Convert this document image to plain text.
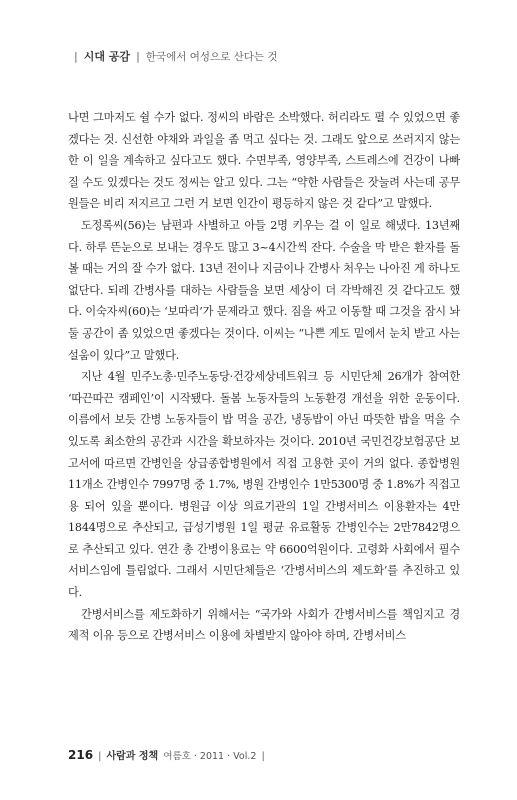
| 시대 공감 | 한국에서 여성으로 산다는 것

나면 그마저도 쉴 수가 없다. 정씨의 바람은 소박했다. 허리라도 펼 수 있었으면 좋겠다는 것. 신선한 야채와 과일을 좀 먹고 싶다는 것. 그래도 앞으로 쓰러지지 않는 한 이 일을 계속하고 싶다고도 했다. 수면부족, 영양부족, 스트레스에 건강이 나빠질 수도 있겠다는 것도 정씨는 알고 있다. 그는 “약한 사람들은 잣눌려 사는데 공무원들은 비리 저지르고 그런 거 보면 인간이 평등하지 않은 것 같다”고 말했다.

도정록씨(56)는 남편과 사별하고 아들 2명 키우는 걸 이 일로 해냈다. 13년째다. 하루 뜬눈으로 보내는 경우도 많고 3~4시간씩 잔다. 수술을 막 받은 환자를 돌볼 때는 거의 잘 수가 없다. 13년 전이나 지금이나 간병사 처우는 나아진 게 하나도 없단다. 되레 간병사를 대하는 사람들을 보면 세상이 더 각박해진 것 같다고도 했다. 이숙자씨(60)는 ‘보따리’가 문제라고 했다. 짐을 싸고 이동할 때 그것을 잠시 놔둘 공간이 좀 있었으면 좋겠다는 것이다. 이씨는 “나쁜 게도 밑에서 눈치 받고 사는 설움이 있다”고 말했다.

지난 4월 민주노총·민주노동당·건강세상네트워크 등 시민단체 26개가 참여한 ‘따끈따끈 캠페인’이 시작됐다. 돌봄 노동자들의 노동환경 개선을 위한 운동이다. 이름에서 보듯 간병 노동자들이 밥 먹을 공간, 냉동밥이 아닌 따뜻한 밥을 먹을 수 있도록 최소한의 공간과 시간을 확보하자는 것이다. 2010년 국민건강보험공단 보고서에 따르면 간병인을 상급종합병원에서 직접 고용한 곳이 거의 없다. 종합병원 11개소 간병인수 7997명 중 1.7%, 병원 간병인수 1만5300명 중 1.8%가 직접고용 되어 있을 뿐이다. 병원급 이상 의료기관의 1일 간병서비스 이용환자는 4만1844명으로 추산되고, 급성기병원 1일 평균 유료활동 간병인수는 2만7842명으로 추산되고 있다. 연간 총 간병이용료는 약 6600억원이다. 고령화 사회에서 필수 서비스임에 틀림없다. 그래서 시민단체들은 ‘간병서비스의 제도화’를 추진하고 있다.

간병서비스를 제도화하기 위해서는 “국가와 사회가 간병서비스를 책임지고 경제적 이유 등으로 간병서비스 이용에 차별받지 않아야 하며, 간병서비스

216 | 사람과 정책 여름호 · 2011 · Vol.2 |
